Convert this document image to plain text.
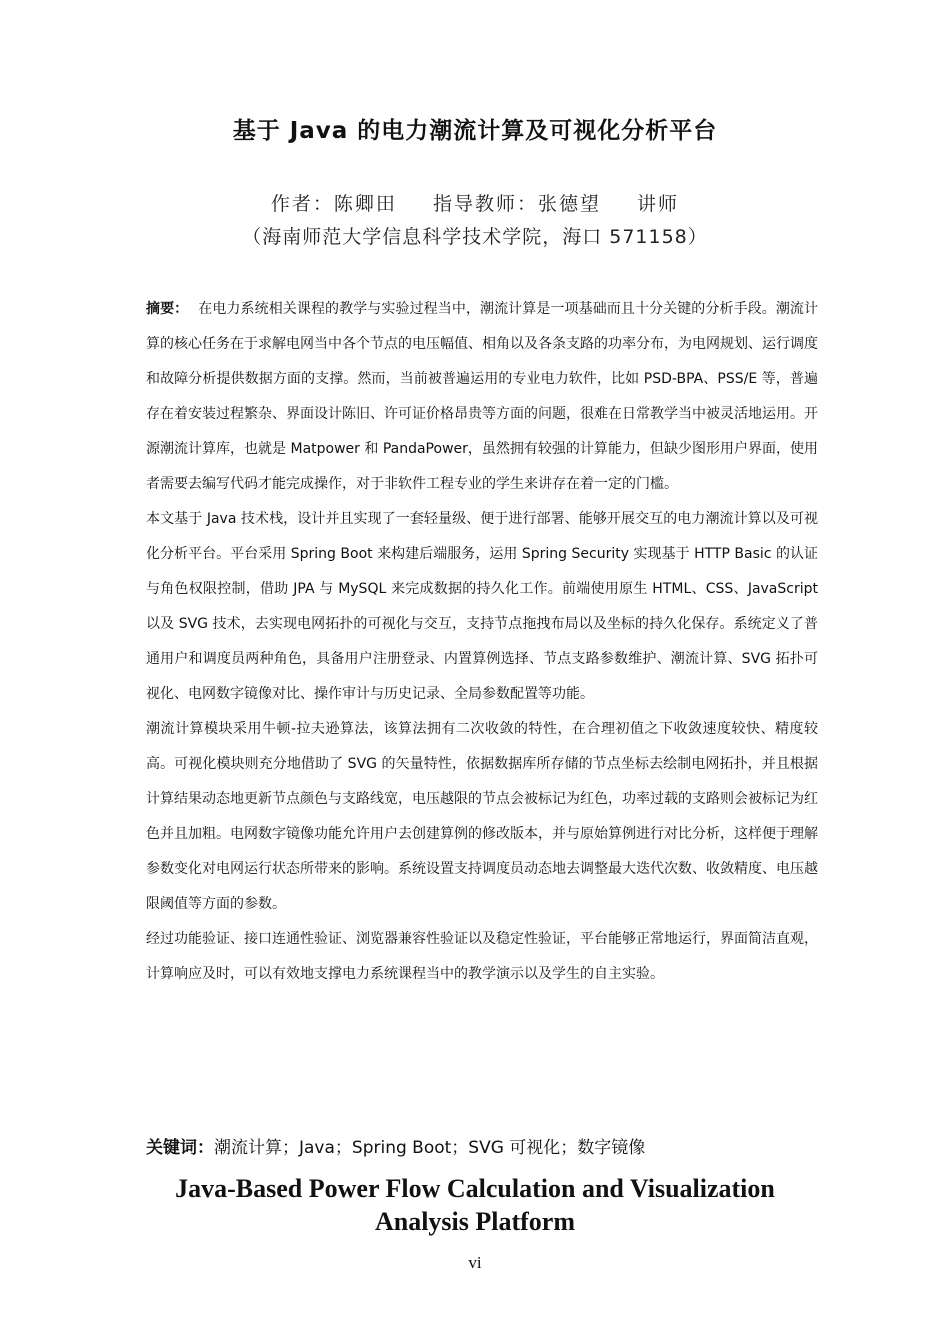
基于 Java 的电力潮流计算及可视化分析平台
作者：陈卿田 指导教师：张德望 讲师
（海南师范大学信息科学技术学院，海口 571158）

摘要： 在电力系统相关课程的教学与实验过程当中，潮流计算是一项基础而且十分关键的分析手段。潮流计算的核心任务在于求解电网当中各个节点的电压幅值、相角以及各条支路的功率分布，为电网规划、运行调度和故障分析提供数据方面的支撑。然而，当前被普遍运用的专业电力软件，比如 PSD-BPA、PSS/E 等，普遍存在着安装过程繁杂、界面设计陈旧、许可证价格昂贵等方面的问题，很难在日常教学当中被灵活地运用。开源潮流计算库，也就是 Matpower 和 PandaPower，虽然拥有较强的计算能力，但缺少图形用户界面，使用者需要去编写代码才能完成操作，对于非软件工程专业的学生来讲存在着一定的门槛。

本文基于 Java 技术栈，设计并且实现了一套轻量级、便于进行部署、能够开展交互的电力潮流计算以及可视化分析平台。平台采用 Spring Boot 来构建后端服务，运用 Spring Security 实现基于 HTTP Basic 的认证与角色权限控制，借助 JPA 与 MySQL 来完成数据的持久化工作。前端使用原生 HTML、CSS、JavaScript 以及 SVG 技术，去实现电网拓扑的可视化与交互，支持节点拖拽布局以及坐标的持久化保存。系统定义了普通用户和调度员两种角色，具备用户注册登录、内置算例选择、节点支路参数维护、潮流计算、SVG 拓扑可视化、电网数字镜像对比、操作审计与历史记录、全局参数配置等功能。

潮流计算模块采用牛顿-拉夫逊算法，该算法拥有二次收敛的特性，在合理初值之下收敛速度较快、精度较高。可视化模块则充分地借助了 SVG 的矢量特性，依据数据库所存储的节点坐标去绘制电网拓扑，并且根据计算结果动态地更新节点颜色与支路线宽，电压越限的节点会被标记为红色，功率过载的支路则会被标记为红色并且加粗。电网数字镜像功能允许用户去创建算例的修改版本，并与原始算例进行对比分析，这样便于理解参数变化对电网运行状态所带来的影响。系统设置支持调度员动态地去调整最大迭代次数、收敛精度、电压越限阈值等方面的参数。

经过功能验证、接口连通性验证、浏览器兼容性验证以及稳定性验证，平台能够正常地运行，界面简洁直观，计算响应及时，可以有效地支撑电力系统课程当中的教学演示以及学生的自主实验。

关键词：潮流计算；Java；Spring Boot；SVG 可视化；数字镜像
Java-Based Power Flow Calculation and Visualization Analysis Platform
vi
